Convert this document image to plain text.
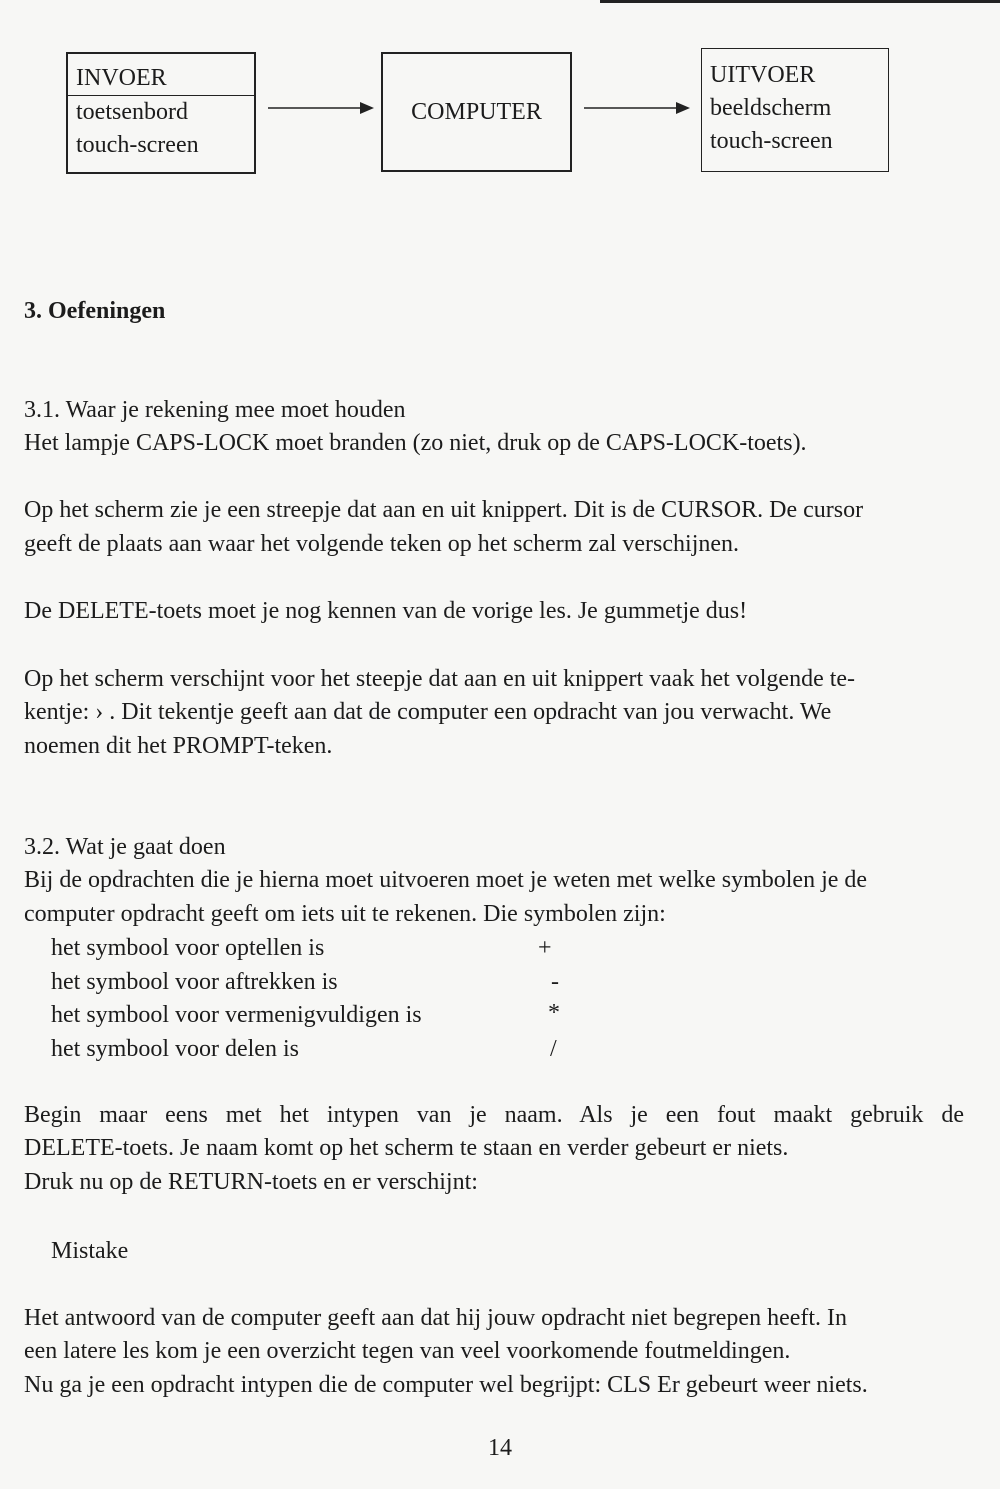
INVOER
toetsenbord
touch-screen
COMPUTER
UITVOER
beeldscherm
touch-screen
3. Oefeningen
3.1. Waar je rekening mee moet houden
Het lampje CAPS-LOCK moet branden (zo niet, druk op de CAPS-LOCK-toets).
Op het scherm zie je een streepje dat aan en uit knippert. Dit is de CURSOR. De cursor
geeft de plaats aan waar het volgende teken op het scherm zal verschijnen.
De DELETE-toets moet je nog kennen van de vorige les. Je gummetje dus!
Op het scherm verschijnt voor het steepje dat aan en uit knippert vaak het volgende te-
kentje: › . Dit tekentje geeft aan dat de computer een opdracht van jou verwacht. We
noemen dit het PROMPT-teken.
3.2. Wat je gaat doen
Bij de opdrachten die je hierna moet uitvoeren moet je weten met welke symbolen je de
computer opdracht geeft om iets uit te rekenen. Die symbolen zijn:
het symbool voor optellen is	+
het symbool voor aftrekken is	-
het symbool voor vermenigvuldigen is	*
het symbool voor delen is	/
Begin maar eens met het intypen van je naam. Als je een fout maakt gebruik de
DELETE-toets. Je naam komt op het scherm te staan en verder gebeurt er niets.
Druk nu op de RETURN-toets en er verschijnt:
Mistake
Het antwoord van de computer geeft aan dat hij jouw opdracht niet begrepen heeft. In
een latere les kom je een overzicht tegen van veel voorkomende foutmeldingen.
Nu ga je een opdracht intypen die de computer wel begrijpt: CLS Er gebeurt weer niets.
14
